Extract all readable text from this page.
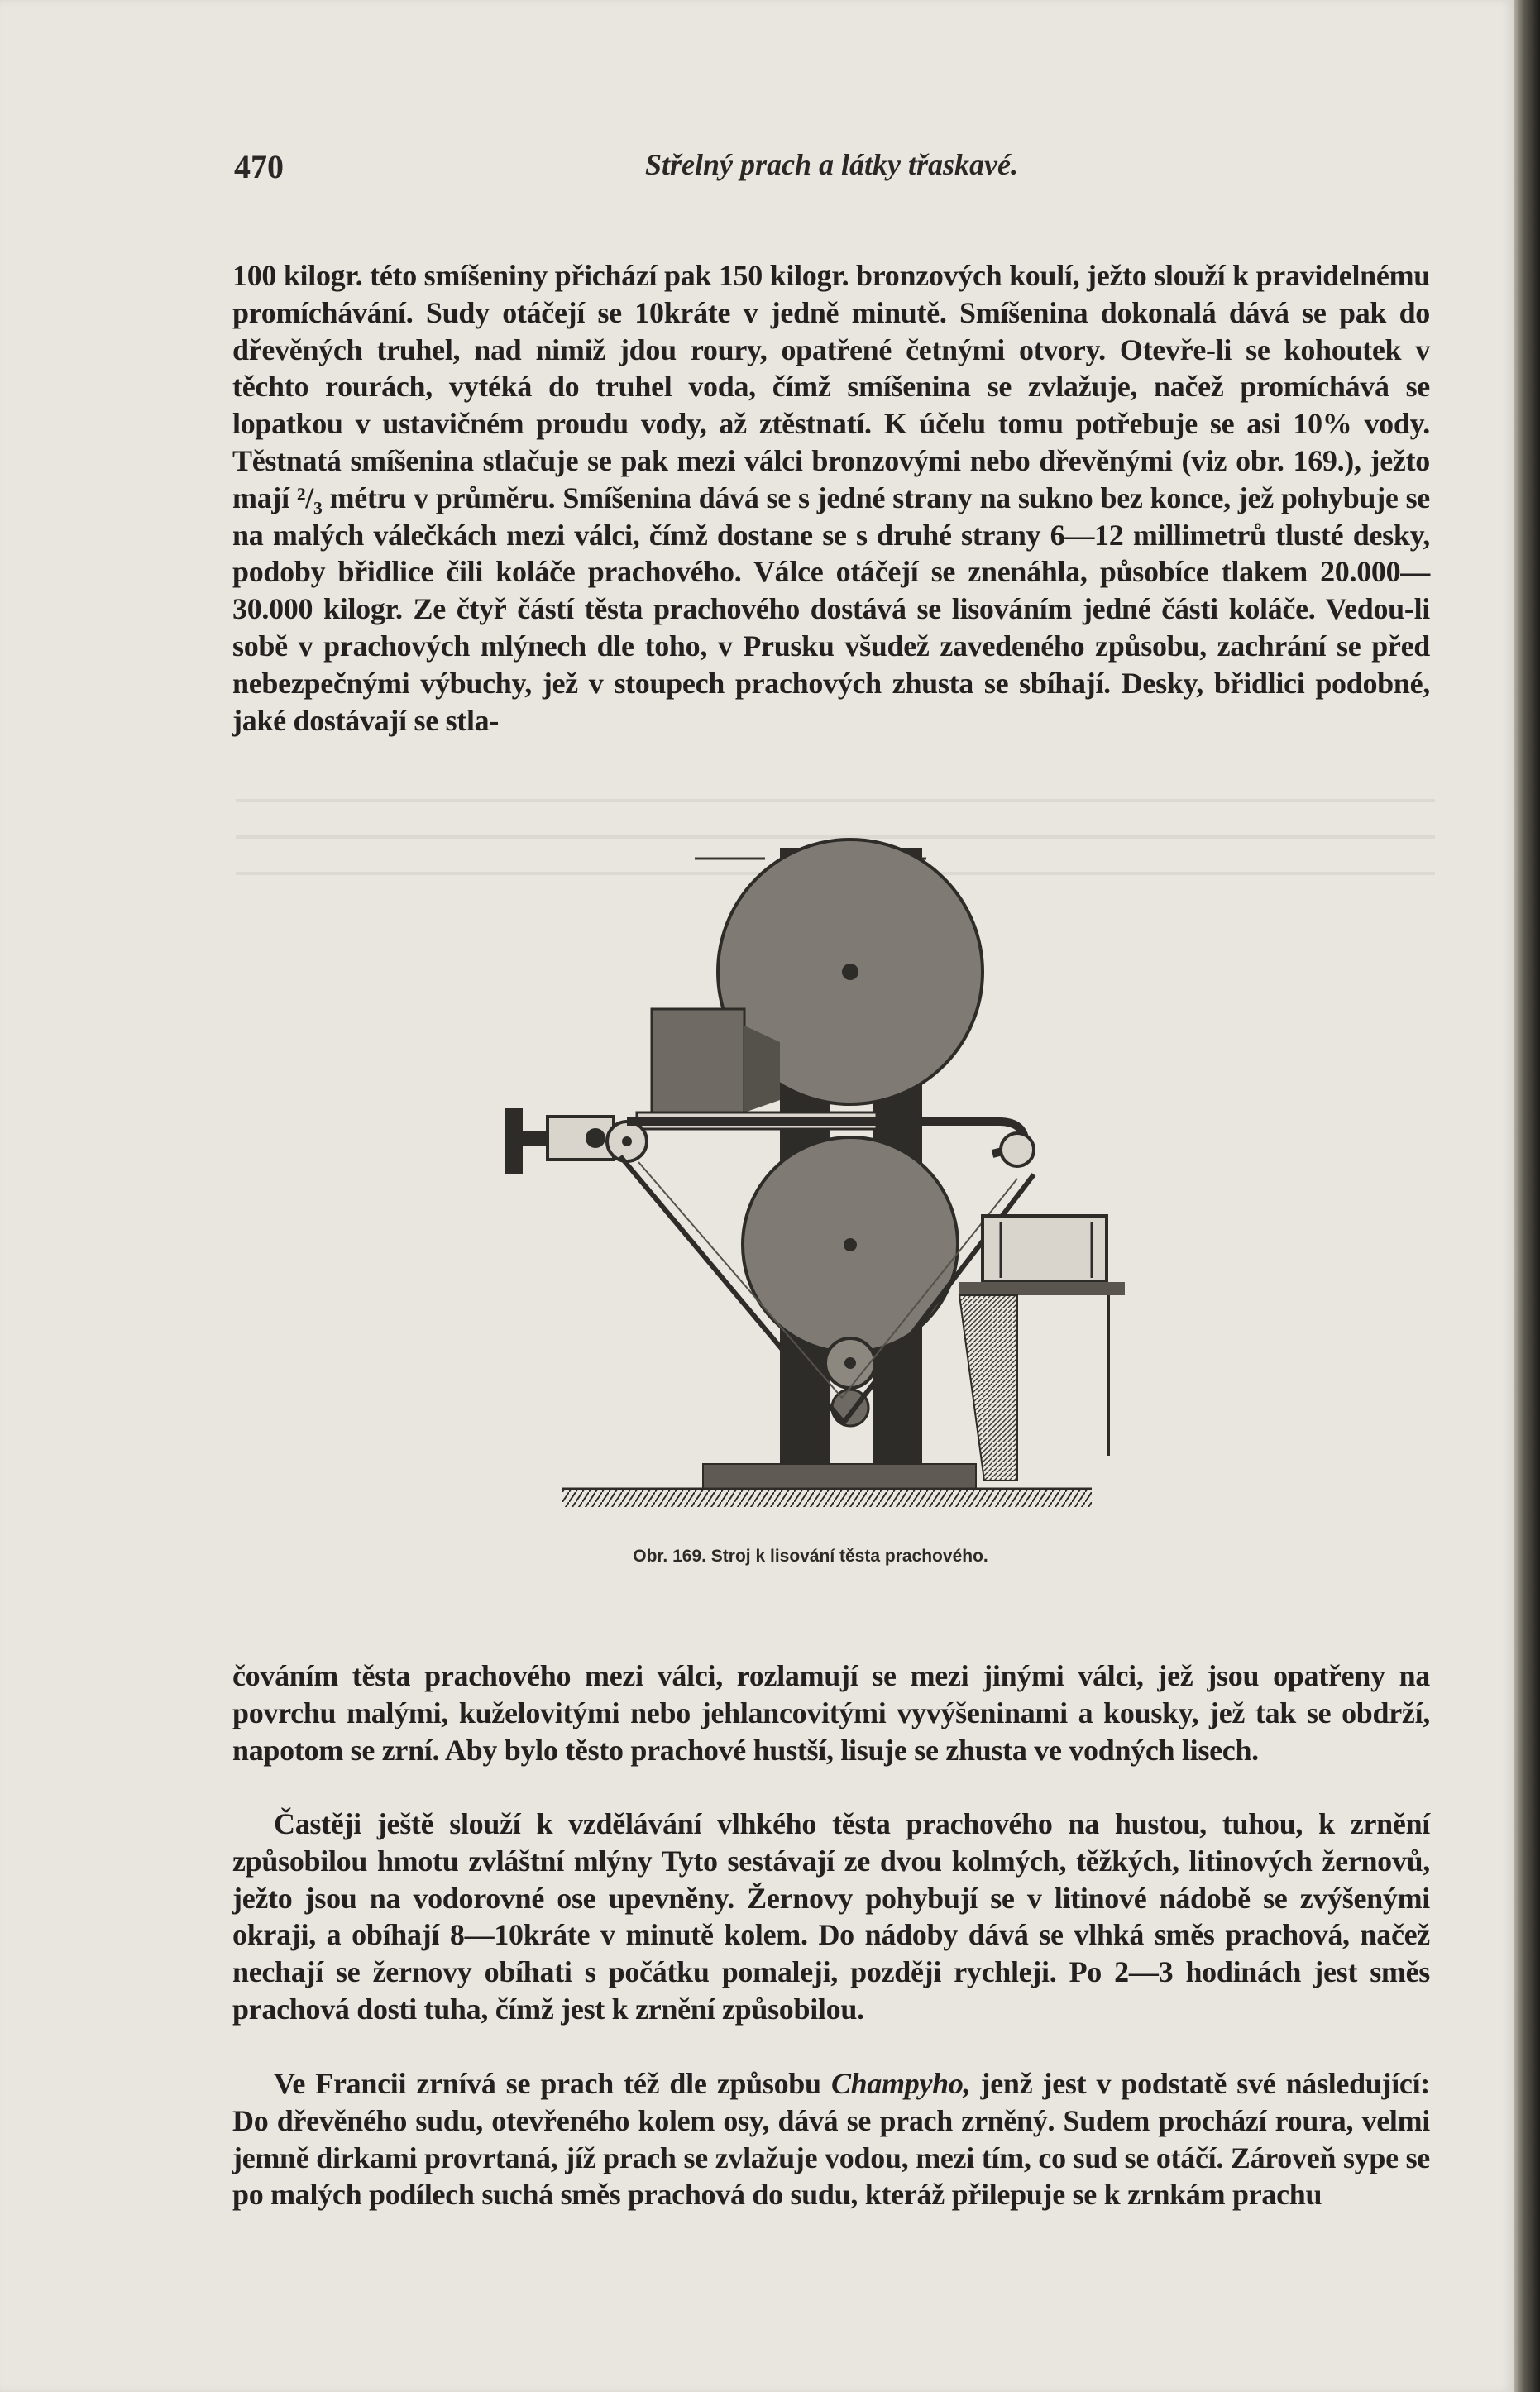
470	Střelný prach a látky třaskavé.

100 kilogr. této smíšeniny přichází pak 150 kilogr. bronzových koulí, ježto slouží k pravidelnému promíchávání. Sudy otáčejí se 10kráte v jedně minutě. Smíšenina dokonalá dává se pak do dřevěných truhel, nad nimiž jdou roury, opatřené četnými otvory. Otevře-li se kohoutek v těchto rourách, vytéká do truhel voda, čímž smíšenina se zvlažuje, načež promíchává se lopatkou v ustavičném proudu vody, až ztěstnatí. K účelu tomu potřebuje se asi 10% vody. Těstnatá smíšenina stlačuje se pak mezi válci bronzovými nebo dřevěnými (viz obr. 169.), ježto mají ²/₃ métru v průměru. Smíšenina dává se s jedné strany na sukno bez konce, jež pohybuje se na malých válečkách mezi válci, čímž dostane se s druhé strany 6—12 millimetrů tlusté desky, podoby břidlice čili koláče prachového. Válce otáčejí se znenáhla, působíce tlakem 20.000—30.000 kilogr. Ze čtyř částí těsta prachového dostává se lisováním jedné části koláče. Vedou-li sobě v prachových mlýnech dle toho, v Prusku všudež zavedeného způsobu, zachrání se před nebezpečnými výbuchy, jež v stoupech prachových zhusta se sbíhají. Desky, břidlici podobné, jaké dostávají se stla-

Obr. 169. Stroj k lisování těsta prachového.

čováním těsta prachového mezi válci, rozlamují se mezi jinými válci, jež jsou opatřeny na povrchu malými, kuželovitými nebo jehlancovitými vyvýšeninami a kousky, jež tak se obdrží, napotom se zrní. Aby bylo těsto prachové hustší, lisuje se zhusta ve vodných lisech.

Častěji ještě slouží k vzdělávání vlhkého těsta prachového na hustou, tuhou, k zrnění způsobilou hmotu zvláštní mlýny Tyto sestávají ze dvou kolmých, těžkých, litinových žernovů, ježto jsou na vodorovné ose upevněny. Žernovy pohybují se v litinové nádobě se zvýšenými okraji, a obíhají 8—10kráte v minutě kolem. Do nádoby dává se vlhká směs prachová, načež nechají se žernovy obíhati s počátku pomaleji, později rychleji. Po 2—3 hodinách jest směs prachová dosti tuha, čímž jest k zrnění způsobilou.

Ve Francii zrnívá se prach též dle způsobu Champyho, jenž jest v podstatě své následující: Do dřevěného sudu, otevřeného kolem osy, dává se prach zrněný. Sudem prochází roura, velmi jemně dirkami provrtaná, jíž prach se zvlažuje vodou, mezi tím, co sud se otáčí. Zároveň sype se po malých podílech suchá směs prachová do sudu, kteráž přilepuje se k zrnkám prachu
